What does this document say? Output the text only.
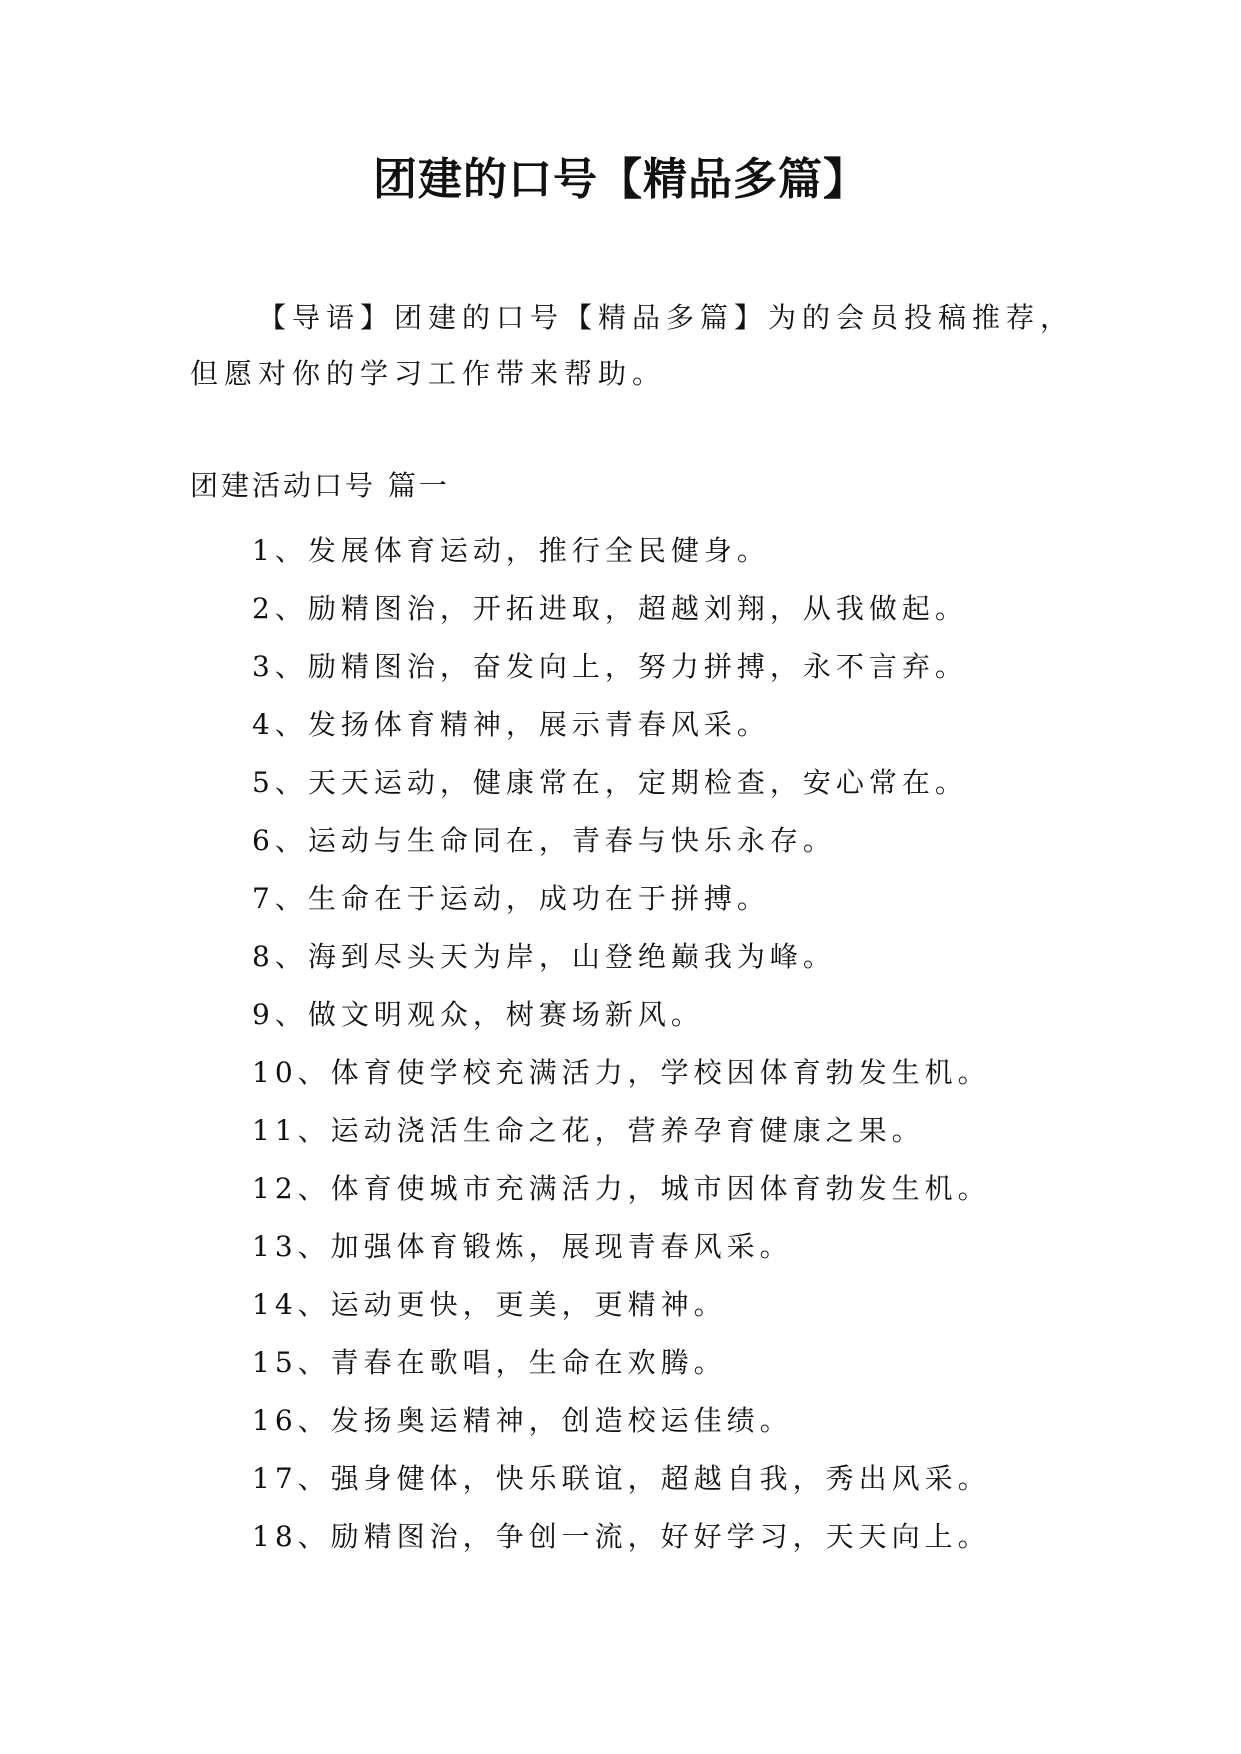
团建的口号【精品多篇】
【导语】团建的口号【精品多篇】为的会员投稿推荐，
但愿对你的学习工作带来帮助。
团建活动口号 篇一
1、发展体育运动，推行全民健身。
2、励精图治，开拓进取，超越刘翔，从我做起。
3、励精图治，奋发向上，努力拼搏，永不言弃。
4、发扬体育精神，展示青春风采。
5、天天运动，健康常在，定期检查，安心常在。
6、运动与生命同在，青春与快乐永存。
7、生命在于运动，成功在于拼搏。
8、海到尽头天为岸，山登绝巅我为峰。
9、做文明观众，树赛场新风。
10、体育使学校充满活力，学校因体育勃发生机。
11、运动浇活生命之花，营养孕育健康之果。
12、体育使城市充满活力，城市因体育勃发生机。
13、加强体育锻炼，展现青春风采。
14、运动更快，更美，更精神。
15、青春在歌唱，生命在欢腾。
16、发扬奥运精神，创造校运佳绩。
17、强身健体，快乐联谊，超越自我，秀出风采。
18、励精图治，争创一流，好好学习，天天向上。
